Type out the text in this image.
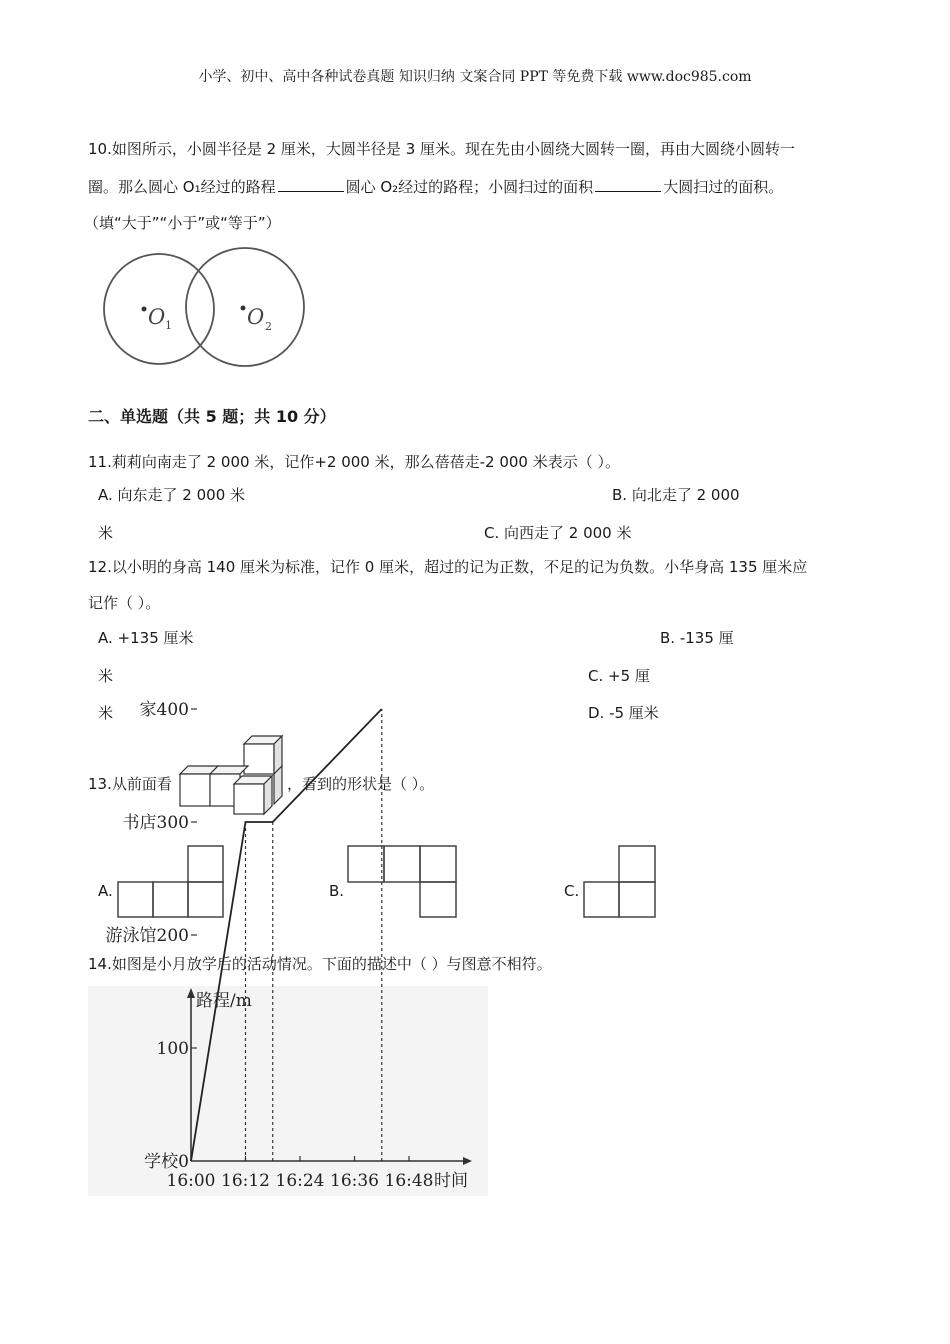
小学、初中、高中各种试卷真题 知识归纳 文案合同 PPT 等免费下载 www.doc985.com
10.如图所示，小圆半径是 2 厘米，大圆半径是 3 厘米。现在先由小圆绕大圆转一圈，再由大圆绕小圆转一
圈。那么圆心 O₁经过的路程	圆心 O₂经过的路程；小圆扫过的面积	大圆扫过的面积。
（填“大于”“小于”或“等于”）
O 1	O 2
二、单选题（共 5 题；共 10 分）
11.莉莉向南走了 2 000 米，记作+2 000 米，那么蓓蓓走-2 000 米表示（ ）。
A. 向东走了 2 000 米	B. 向北走了 2 000
米	C. 向西走了 2 000 米
12.以小明的身高 140 厘米为标准，记作 0 厘米，超过的记为正数，不足的记为负数。小华身高 135 厘米应
记作（ ）。
A. +135 厘米	B. -135 厘
米	C. +5 厘
米	D. -5 厘米
13.从前面看	，看到的形状是（ ）。
A.	B.	C.
14.如图是小月放学后的活动情况。下面的描述中（ ）与图意不相符。
路程/m
时间
学校0
100
游泳馆200
书店300
家400
16:00 16:12 16:24 16:36 16:48
